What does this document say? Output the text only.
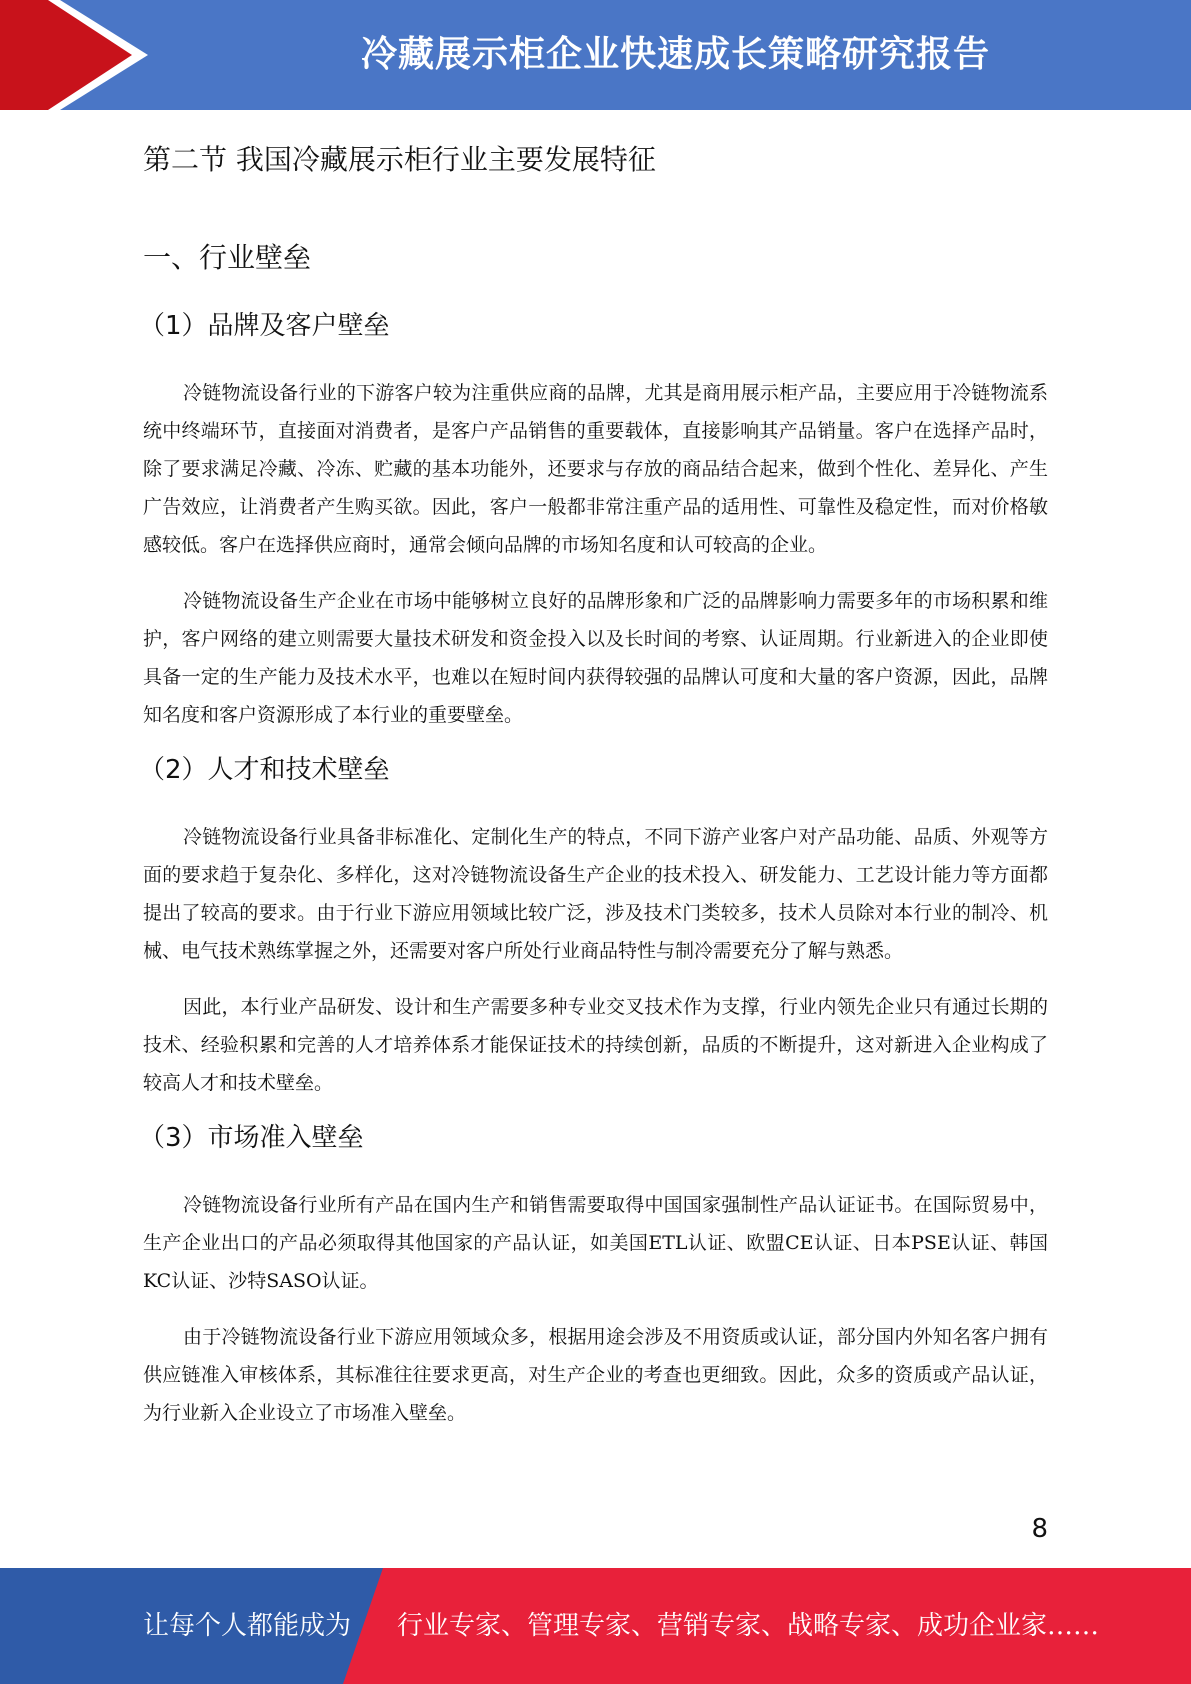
冷藏展示柜企业快速成长策略研究报告
第二节 我国冷藏展示柜行业主要发展特征
一、行业壁垒
（1）品牌及客户壁垒

冷链物流设备行业的下游客户较为注重供应商的品牌，尤其是商用展示柜产品，主要应用于冷链物流系统中终端环节，直接面对消费者，是客户产品销售的重要载体，直接影响其产品销量。客户在选择产品时，除了要求满足冷藏、冷冻、贮藏的基本功能外，还要求与存放的商品结合起来，做到个性化、差异化、产生广告效应，让消费者产生购买欲。因此，客户一般都非常注重产品的适用性、可靠性及稳定性，而对价格敏感较低。客户在选择供应商时，通常会倾向品牌的市场知名度和认可较高的企业。

冷链物流设备生产企业在市场中能够树立良好的品牌形象和广泛的品牌影响力需要多年的市场积累和维护，客户网络的建立则需要大量技术研发和资金投入以及长时间的考察、认证周期。行业新进入的企业即使具备一定的生产能力及技术水平，也难以在短时间内获得较强的品牌认可度和大量的客户资源，因此，品牌知名度和客户资源形成了本行业的重要壁垒。

（2）人才和技术壁垒

冷链物流设备行业具备非标准化、定制化生产的特点，不同下游产业客户对产品功能、品质、外观等方面的要求趋于复杂化、多样化，这对冷链物流设备生产企业的技术投入、研发能力、工艺设计能力等方面都提出了较高的要求。由于行业下游应用领域比较广泛，涉及技术门类较多，技术人员除对本行业的制冷、机械、电气技术熟练掌握之外，还需要对客户所处行业商品特性与制冷需要充分了解与熟悉。

因此，本行业产品研发、设计和生产需要多种专业交叉技术作为支撑，行业内领先企业只有通过长期的技术、经验积累和完善的人才培养体系才能保证技术的持续创新，品质的不断提升，这对新进入企业构成了较高人才和技术壁垒。

（3）市场准入壁垒

冷链物流设备行业所有产品在国内生产和销售需要取得中国国家强制性产品认证证书。在国际贸易中，生产企业出口的产品必须取得其他国家的产品认证，如美国ETL认证、欧盟CE认证、日本PSE认证、韩国KC认证、沙特SASO认证。

由于冷链物流设备行业下游应用领域众多，根据用途会涉及不用资质或认证，部分国内外知名客户拥有供应链准入审核体系，其标准往往要求更高，对生产企业的考查也更细致。因此，众多的资质或产品认证，为行业新入企业设立了市场准入壁垒。

8
让每个人都能成为 行业专家、管理专家、营销专家、战略专家、成功企业家……
